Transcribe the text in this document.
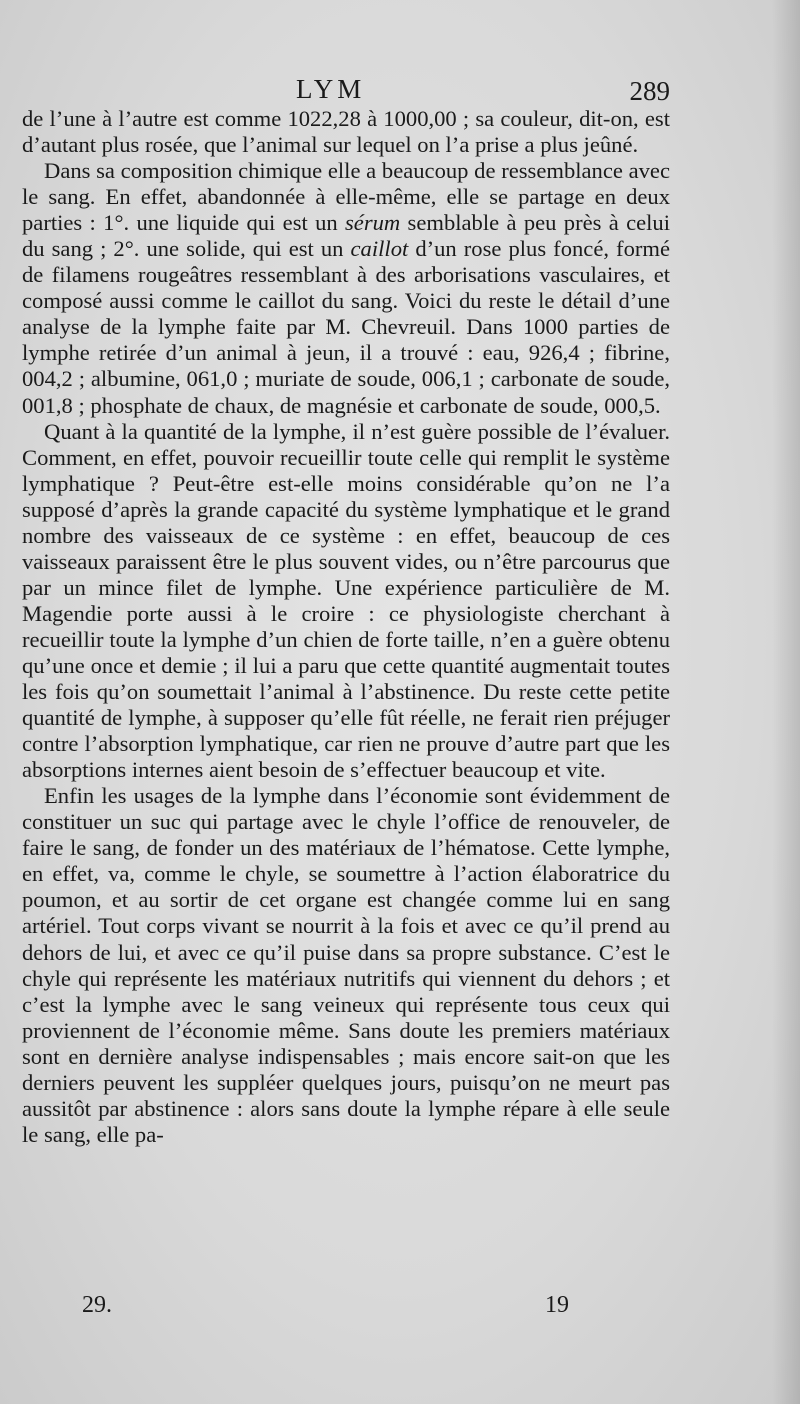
LYM	289

de l’une à l’autre est comme 1022,28 à 1000,00 ; sa couleur, dit-on, est d’autant plus rosée, que l’animal sur lequel on l’a prise a plus jeûné.

Dans sa composition chimique elle a beaucoup de ressemblance avec le sang. En effet, abandonnée à elle-même, elle se partage en deux parties : 1°. une liquide qui est un sérum semblable à peu près à celui du sang ; 2°. une solide, qui est un caillot d’un rose plus foncé, formé de filamens rougeâtres ressemblant à des arborisations vasculaires, et composé aussi comme le caillot du sang. Voici du reste le détail d’une analyse de la lymphe faite par M. Chevreuil. Dans 1000 parties de lymphe retirée d’un animal à jeun, il a trouvé : eau, 926,4 ; fibrine, 004,2 ; albumine, 061,0 ; muriate de soude, 006,1 ; carbonate de soude, 001,8 ; phosphate de chaux, de magnésie et carbonate de soude, 000,5.

Quant à la quantité de la lymphe, il n’est guère possible de l’évaluer. Comment, en effet, pouvoir recueillir toute celle qui remplit le système lymphatique ? Peut-être est-elle moins considérable qu’on ne l’a supposé d’après la grande capacité du système lymphatique et le grand nombre des vaisseaux de ce système : en effet, beaucoup de ces vaisseaux paraissent être le plus souvent vides, ou n’être parcourus que par un mince filet de lymphe. Une expérience particulière de M. Magendie porte aussi à le croire : ce physiologiste cherchant à recueillir toute la lymphe d’un chien de forte taille, n’en a guère obtenu qu’une once et demie ; il lui a paru que cette quantité augmentait toutes les fois qu’on soumettait l’animal à l’abstinence. Du reste cette petite quantité de lymphe, à supposer qu’elle fût réelle, ne ferait rien préjuger contre l’absorption lymphatique, car rien ne prouve d’autre part que les absorptions internes aient besoin de s’effectuer beaucoup et vite.

Enfin les usages de la lymphe dans l’économie sont évidemment de constituer un suc qui partage avec le chyle l’office de renouveler, de faire le sang, de fonder un des matériaux de l’hématose. Cette lymphe, en effet, va, comme le chyle, se soumettre à l’action élaboratrice du poumon, et au sortir de cet organe est changée comme lui en sang artériel. Tout corps vivant se nourrit à la fois et avec ce qu’il prend au dehors de lui, et avec ce qu’il puise dans sa propre substance. C’est le chyle qui représente les matériaux nutritifs qui viennent du dehors ; et c’est la lymphe avec le sang veineux qui représente tous ceux qui proviennent de l’économie même. Sans doute les premiers matériaux sont en dernière analyse indispensables ; mais encore sait-on que les derniers peuvent les suppléer quelques jours, puisqu’on ne meurt pas aussitôt par abstinence : alors sans doute la lymphe répare à elle seule le sang, elle pa-

29.	19
